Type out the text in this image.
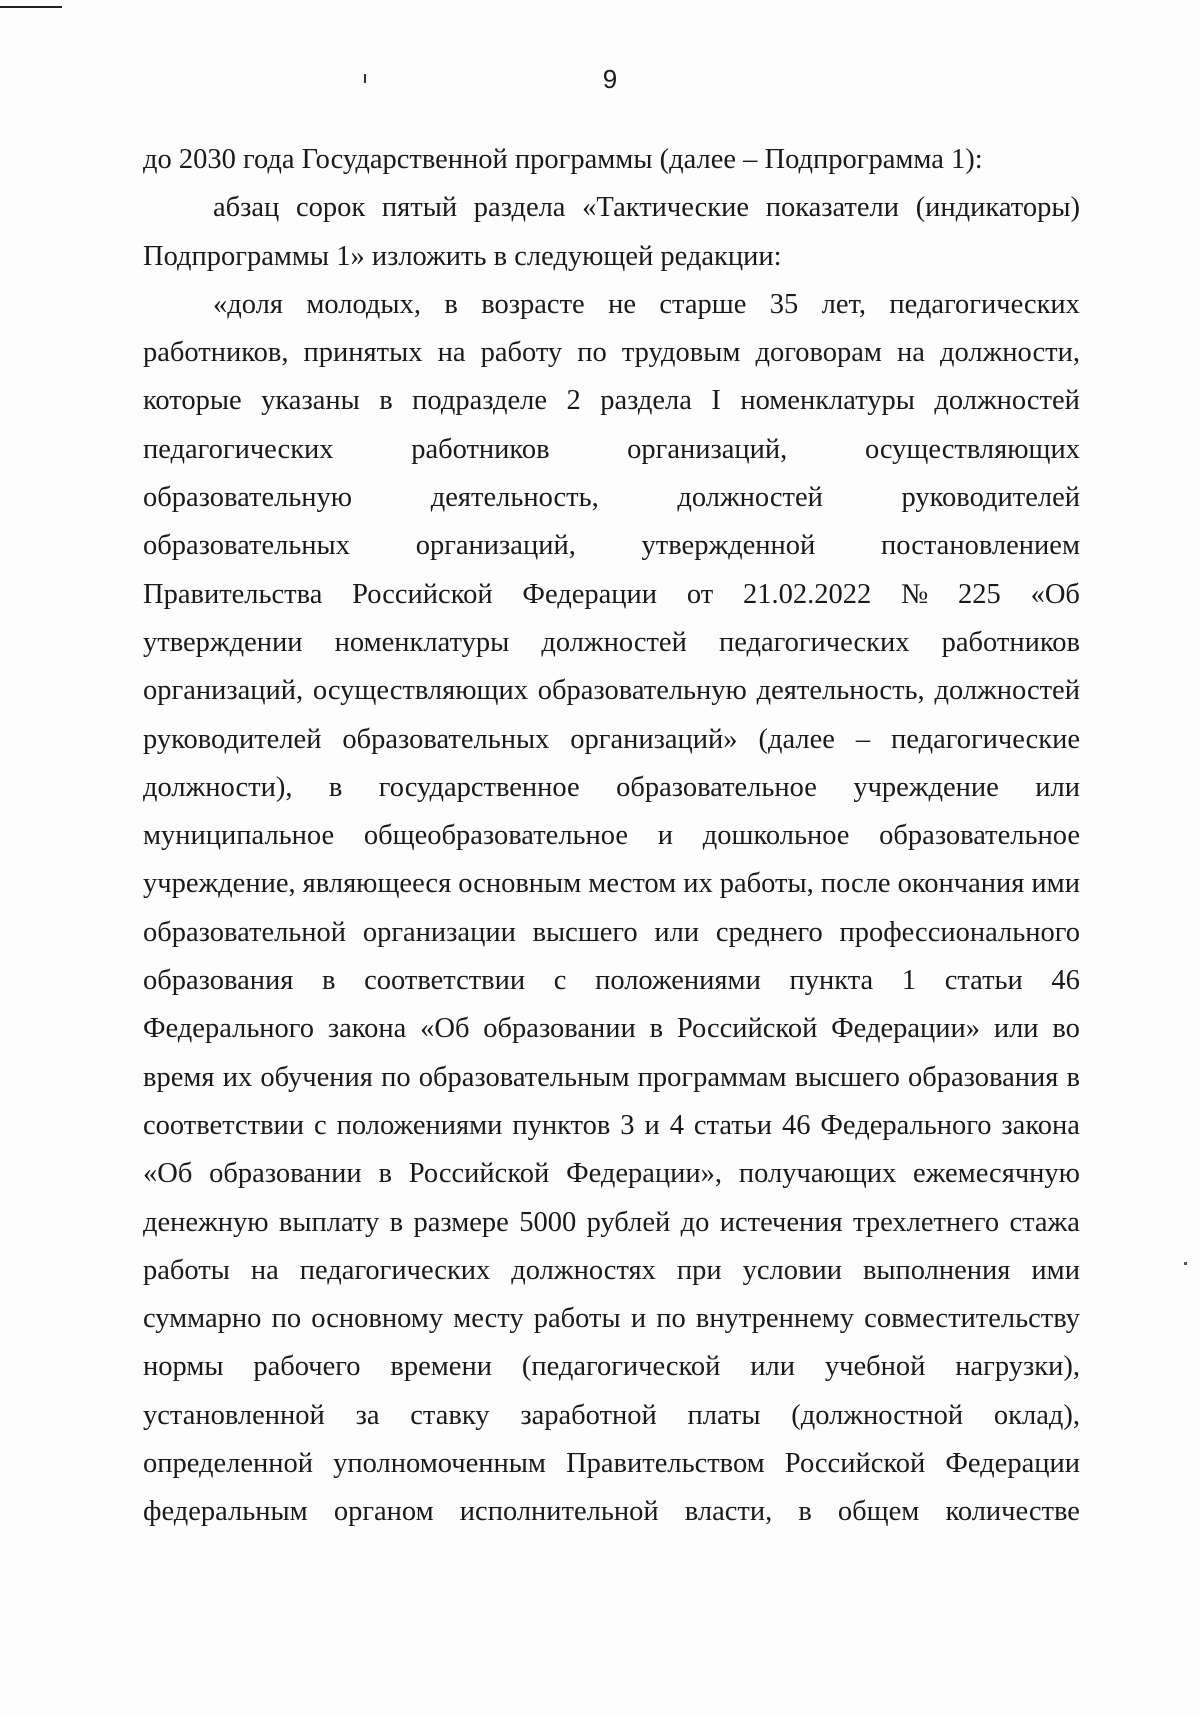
9
до 2030 года Государственной программы (далее – Подпрограмма 1):
абзац сорок пятый раздела «Тактические показатели (индикаторы)
Подпрограммы 1» изложить в следующей редакции:
«доля молодых, в возрасте не старше 35 лет, педагогических
работников, принятых на работу по трудовым договорам на должности,
которые указаны в подразделе 2 раздела I номенклатуры должностей
педагогических	работников	организаций,	осуществляющих
образовательную	деятельность,	должностей	руководителей
образовательных организаций, утвержденной постановлением
Правительства Российской Федерации от 21.02.2022 № 225 «Об
утверждении номенклатуры должностей педагогических работников
организаций, осуществляющих образовательную деятельность, должностей
руководителей образовательных организаций» (далее – педагогические
должности), в государственное образовательное учреждение или
муниципальное общеобразовательное и дошкольное образовательное
учреждение, являющееся основным местом их работы, после окончания ими
образовательной организации высшего или среднего профессионального
образования в соответствии с положениями пункта 1 статьи 46
Федерального закона «Об образовании в Российской Федерации» или во
время их обучения по образовательным программам высшего образования в
соответствии с положениями пунктов 3 и 4 статьи 46 Федерального закона
«Об образовании в Российской Федерации», получающих ежемесячную
денежную выплату в размере 5000 рублей до истечения трехлетнего стажа
работы на педагогических должностях при условии выполнения ими
суммарно по основному месту работы и по внутреннему совместительству
нормы рабочего времени (педагогической или учебной нагрузки),
установленной за ставку заработной платы (должностной оклад),
определенной уполномоченным Правительством Российской Федерации
федеральным органом исполнительной власти, в общем количестве
